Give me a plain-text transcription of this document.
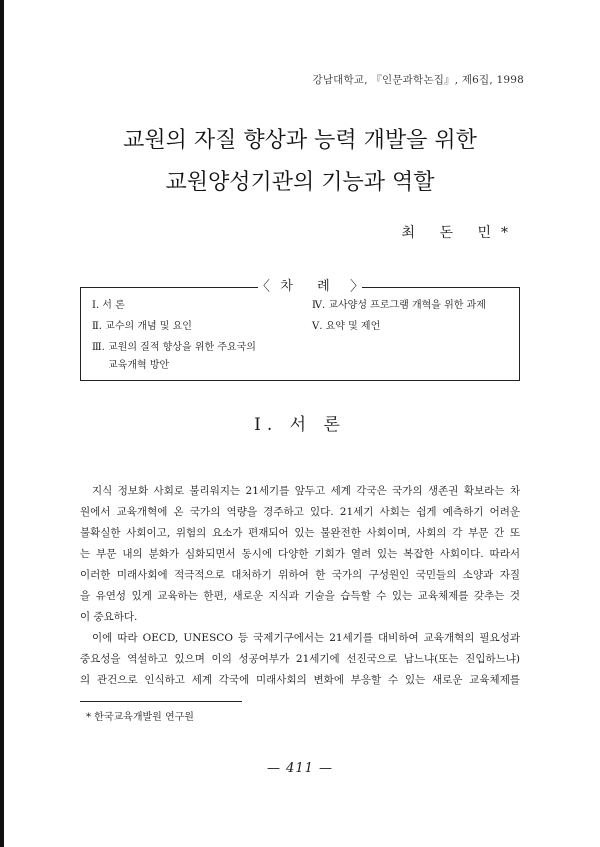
강남대학교, 『인문과학논집』, 제6집, 1998
교원의 자질 향상과 능력 개발을 위한
교원양성기관의 기능과 역할
최 돈 민*
〈 차 례 〉
Ⅰ. 서 론
Ⅱ. 교수의 개념 및 요인
Ⅲ. 교원의 질적 향상을 위한 주요국의
교육개혁 방안
Ⅳ. 교사양성 프로그램 개혁을 위한 과제
Ⅴ. 요약 및 제언
Ⅰ. 서 론
지식 정보화 사회로 불리워지는 21세기를 앞두고 세계 각국은 국가의 생존권 확보라는 차
원에서 교육개혁에 온 국가의 역량을 경주하고 있다. 21세기 사회는 쉽게 예측하기 어려운
불확실한 사회이고, 위험의 요소가 편재되어 있는 불완전한 사회이며, 사회의 각 부문 간 또
는 부문 내의 분화가 심화되면서 동시에 다양한 기회가 열려 있는 복잡한 사회이다. 따라서
이러한 미래사회에 적극적으로 대처하기 위하여 한 국가의 구성원인 국민들의 소양과 자질
을 유연성 있게 교육하는 한편, 새로운 지식과 기술을 습득할 수 있는 교육체제를 갖추는 것
이 중요하다.
이에 따라 OECD, UNESCO 등 국제기구에서는 21세기를 대비하여 교육개혁의 필요성과
중요성을 역설하고 있으며 이의 성공여부가 21세기에 선진국으로 남느냐(또는 진입하느냐)
의 관건으로 인식하고 세계 각국에 미래사회의 변화에 부응할 수 있는 새로운 교육체제를
* 한국교육개발원 연구원
— 411 —
